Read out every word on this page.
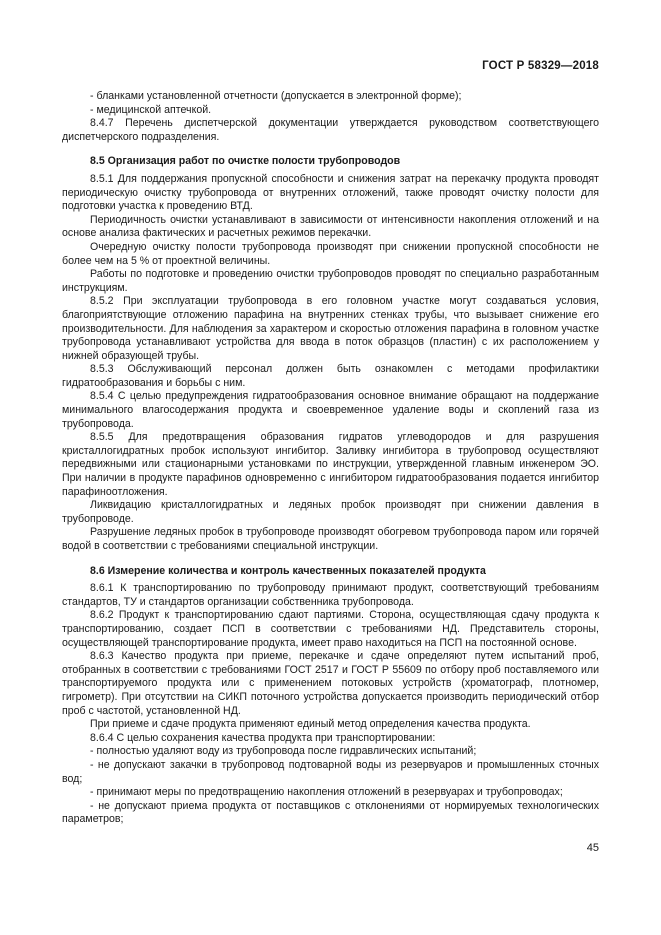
ГОСТ Р 58329—2018

- бланками установленной отчетности (допускается в электронной форме);

- медицинской аптечкой.

8.4.7 Перечень диспетчерской документации утверждается руководством соответствующего диспетчерского подразделения.

8.5 Организация работ по очистке полости трубопроводов

8.5.1 Для поддержания пропускной способности и снижения затрат на перекачку продукта проводят периодическую очистку трубопровода от внутренних отложений, также проводят очистку полости для подготовки участка к проведению ВТД.

Периодичность очистки устанавливают в зависимости от интенсивности накопления отложений и на основе анализа фактических и расчетных режимов перекачки.

Очередную очистку полости трубопровода производят при снижении пропускной способности не более чем на 5 % от проектной величины.

Работы по подготовке и проведению очистки трубопроводов проводят по специально разработанным инструкциям.

8.5.2 При эксплуатации трубопровода в его головном участке могут создаваться условия, благоприятствующие отложению парафина на внутренних стенках трубы, что вызывает снижение его производительности. Для наблюдения за характером и скоростью отложения парафина в головном участке трубопровода устанавливают устройства для ввода в поток образцов (пластин) с их расположением у нижней образующей трубы.

8.5.3 Обслуживающий персонал должен быть ознакомлен с методами профилактики гидратообразования и борьбы с ним.

8.5.4 С целью предупреждения гидратообразования основное внимание обращают на поддержание минимального влагосодержания продукта и своевременное удаление воды и скоплений газа из трубопровода.

8.5.5 Для предотвращения образования гидратов углеводородов и для разрушения кристаллогидратных пробок используют ингибитор. Заливку ингибитора в трубопровод осуществляют передвижными или стационарными установками по инструкции, утвержденной главным инженером ЭО. При наличии в продукте парафинов одновременно с ингибитором гидратообразования подается ингибитор парафиноотложения.

Ликвидацию кристаллогидратных и ледяных пробок производят при снижении давления в трубопроводе.

Разрушение ледяных пробок в трубопроводе производят обогревом трубопровода паром или горячей водой в соответствии с требованиями специальной инструкции.

8.6 Измерение количества и контроль качественных показателей продукта

8.6.1 К транспортированию по трубопроводу принимают продукт, соответствующий требованиям стандартов, ТУ и стандартов организации собственника трубопровода.

8.6.2 Продукт к транспортированию сдают партиями. Сторона, осуществляющая сдачу продукта к транспортированию, создает ПСП в соответствии с требованиями НД. Представитель стороны, осуществляющей транспортирование продукта, имеет право находиться на ПСП на постоянной основе.

8.6.3 Качество продукта при приеме, перекачке и сдаче определяют путем испытаний проб, отобранных в соответствии с требованиями ГОСТ 2517 и ГОСТ Р 55609 по отбору проб поставляемого или транспортируемого продукта или с применением потоковых устройств (хроматограф, плотномер, гигрометр). При отсутствии на СИКП поточного устройства допускается производить периодический отбор проб с частотой, установленной НД.

При приеме и сдаче продукта применяют единый метод определения качества продукта.

8.6.4 С целью сохранения качества продукта при транспортировании:

- полностью удаляют воду из трубопровода после гидравлических испытаний;

- не допускают закачки в трубопровод подтоварной воды из резервуаров и промышленных сточных вод;

- принимают меры по предотвращению накопления отложений в резервуарах и трубопроводах;

- не допускают приема продукта от поставщиков с отклонениями от нормируемых технологических параметров;

45
